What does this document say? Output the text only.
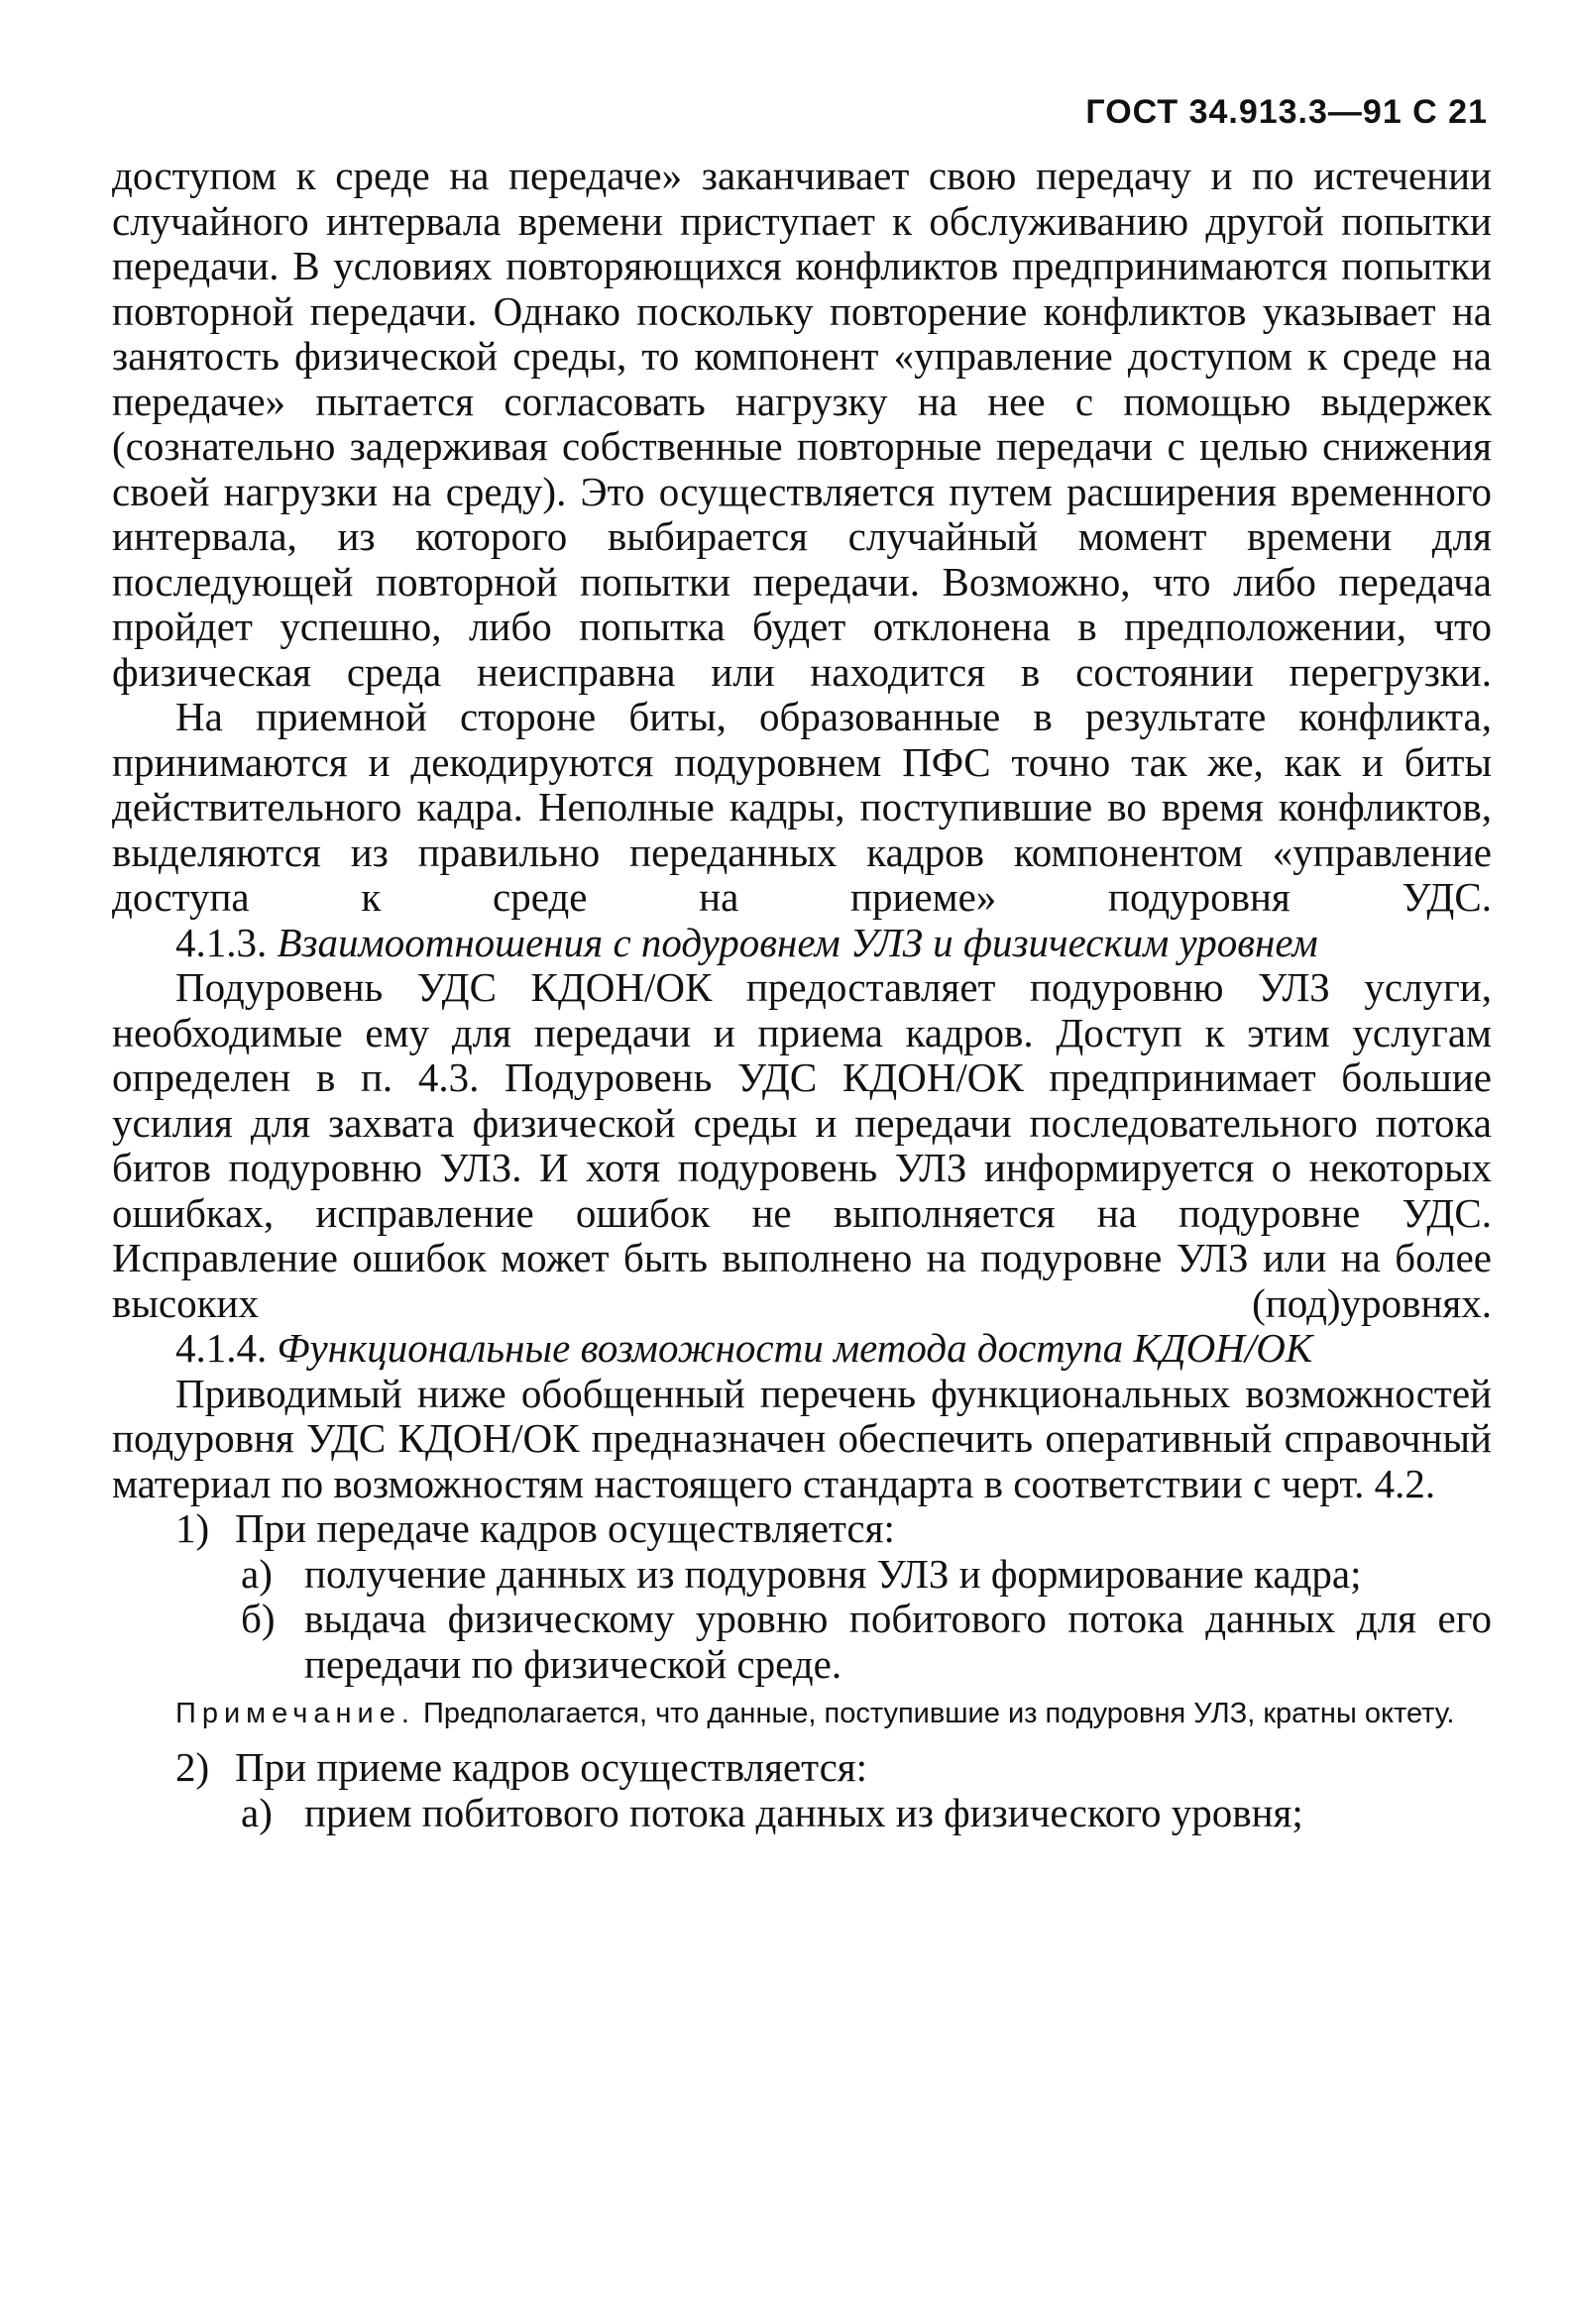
ГОСТ 34.913.3—91 С 21

доступом к среде на передаче» заканчивает свою передачу и по истечении случайного интервала времени приступает к обслуживанию другой попытки передачи. В условиях повторяющихся конфликтов предпринимаются попытки повторной передачи. Однако поскольку повторение конфликтов указывает на занятость физической среды, то компонент «управление доступом к среде на передаче» пытается согласовать нагрузку на нее с помощью выдержек (сознательно задерживая собственные повторные передачи с целью снижения своей нагрузки на среду). Это осуществляется путем расширения временного интервала, из которого выбирается случайный момент времени для последующей повторной попытки передачи. Возможно, что либо передача пройдет успешно, либо попытка будет отклонена в предположении, что физическая среда неисправна или находится в состоянии перегрузки.

На приемной стороне биты, образованные в результате конфликта, принимаются и декодируются подуровнем ПФС точно так же, как и биты действительного кадра. Неполные кадры, поступившие во время конфликтов, выделяются из правильно переданных кадров компонентом «управление доступа к среде на приеме» подуровня УДС.

4.1.3. Взаимоотношения с подуровнем УЛЗ и физическим уровнем

Подуровень УДС КДОН/ОК предоставляет подуровню УЛЗ услуги, необходимые ему для передачи и приема кадров. Доступ к этим услугам определен в п. 4.3. Подуровень УДС КДОН/ОК предпринимает большие усилия для захвата физической среды и передачи последовательного потока битов подуровню УЛЗ. И хотя подуровень УЛЗ информируется о некоторых ошибках, исправление ошибок не выполняется на подуровне УДС. Исправление ошибок может быть выполнено на подуровне УЛЗ или на более высоких (под)уровнях.

4.1.4. Функциональные возможности метода доступа КДОН/ОК

Приводимый ниже обобщенный перечень функциональных возможностей подуровня УДС КДОН/ОК предназначен обеспечить оперативный справочный материал по возможностям настоящего стандарта в соответствии с черт. 4.2.

1) При передаче кадров осуществляется:
а) получение данных из подуровня УЛЗ и формирование кадра;
б) выдача физическому уровню побитового потока данных для его передачи по физической среде.

Примечание. Предполагается, что данные, поступившие из подуровня УЛЗ, кратны октету.

2) При приеме кадров осуществляется:
а) прием побитового потока данных из физического уровня;
